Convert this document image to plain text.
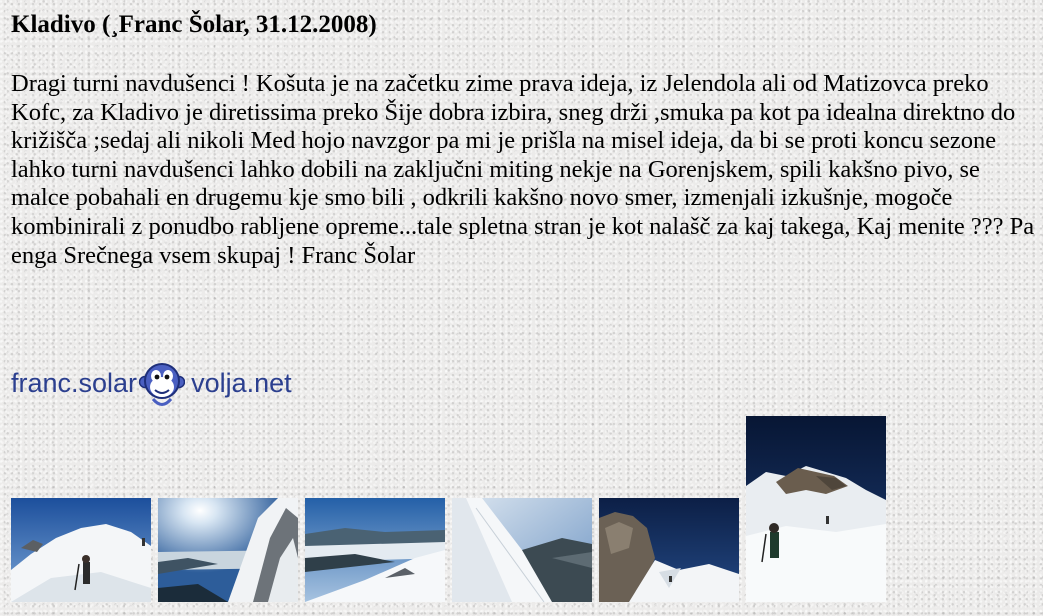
Kladivo (¸Franc Šolar, 31.12.2008)
Dragi turni navdušenci ! Košuta je na začetku zime prava ideja, iz Jelendola ali od Matizovca preko Kofc, za Kladivo je diretissima preko Šije dobra izbira, sneg drži ,smuka pa kot pa idealna direktno do križišča ;sedaj ali nikoli Med hojo navzgor pa mi je prišla na misel ideja, da bi se proti koncu sezone lahko turni navdušenci lahko dobili na zaključni miting nekje na Gorenjskem, spili kakšno pivo, se malce pobahali en drugemu kje smo bili , odkrili kakšno novo smer, izmenjali izkušnje, mogoče kombinirali z ponudbo rabljene opreme...tale spletna stran je kot nalašč za kaj takega, Kaj menite ??? Pa enga Srečnega vsem skupaj ! Franc Šolar
franc.solar volja.net
